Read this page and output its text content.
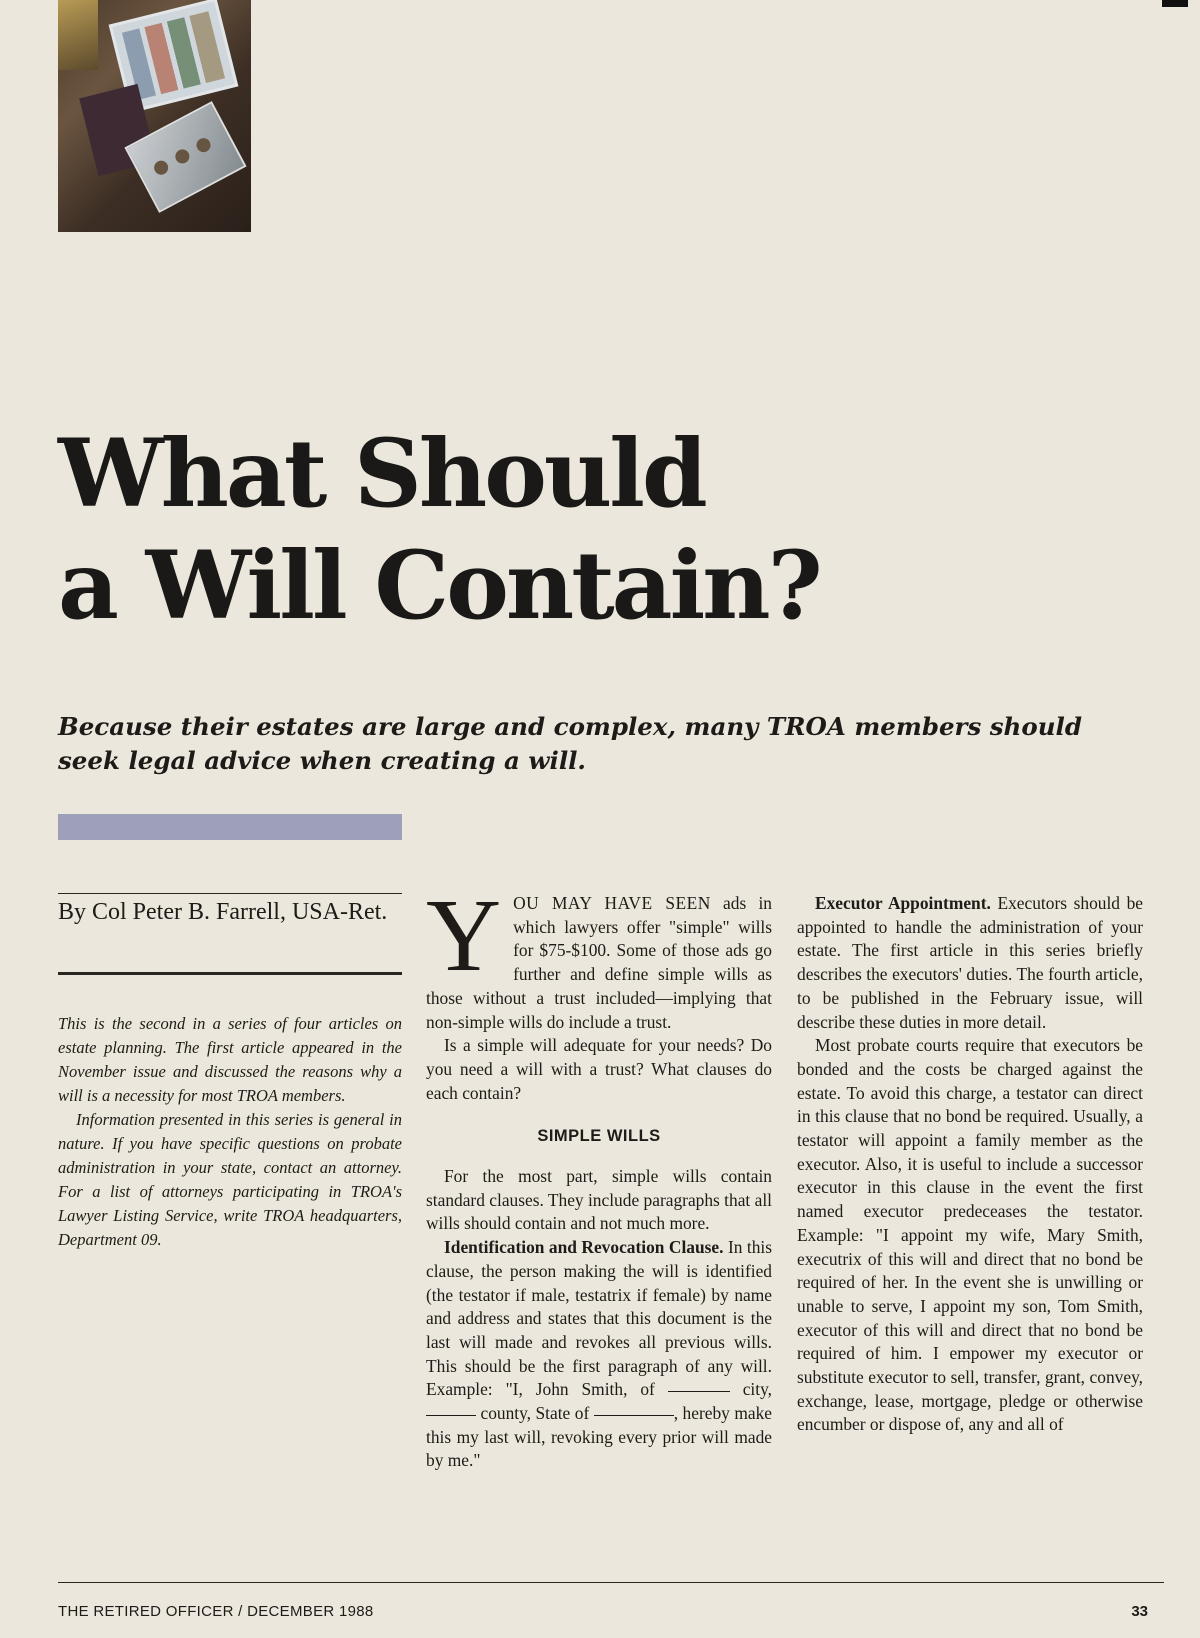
What Should
a Will Contain?

Because their estates are large and complex, many TROA members should seek legal advice when creating a will.

By Col Peter B. Farrell, USA-Ret.

This is the second in a series of four articles on estate planning. The first article appeared in the November issue and discussed the reasons why a will is a necessity for most TROA members.

Information presented in this series is general in nature. If you have specific questions on probate administration in your state, contact an attorney. For a list of attorneys participating in TROA's Lawyer Listing Service, write TROA headquarters, Department 09.

YOU MAY HAVE SEEN ads in which lawyers offer "simple" wills for $75-$100. Some of those ads go further and define simple wills as those without a trust included—implying that non-simple wills do include a trust.

Is a simple will adequate for your needs? Do you need a will with a trust? What clauses do each contain?

SIMPLE WILLS

For the most part, simple wills contain standard clauses. They include paragraphs that all wills should contain and not much more.

Identification and Revocation Clause. In this clause, the person making the will is identified (the testator if male, testatrix if female) by name and address and states that this document is the last will made and revokes all previous wills. This should be the first paragraph of any will. Example: "I, John Smith, of	city,  county, State of	, hereby make this my last will, revoking every prior will made by me."

Executor Appointment. Executors should be appointed to handle the administration of your estate. The first article in this series briefly describes the executors' duties. The fourth article, to be published in the February issue, will describe these duties in more detail.

Most probate courts require that executors be bonded and the costs be charged against the estate. To avoid this charge, a testator can direct in this clause that no bond be required. Usually, a testator will appoint a family member as the executor. Also, it is useful to include a successor executor in this clause in the event the first named executor predeceases the testator. Example: "I appoint my wife, Mary Smith, executrix of this will and direct that no bond be required of her. In the event she is unwilling or unable to serve, I appoint my son, Tom Smith, executor of this will and direct that no bond be required of him. I empower my executor or substitute executor to sell, transfer, grant, convey, exchange, lease, mortgage, pledge or otherwise encumber or dispose of, any and all of

THE RETIRED OFFICER / DECEMBER 1988	33
